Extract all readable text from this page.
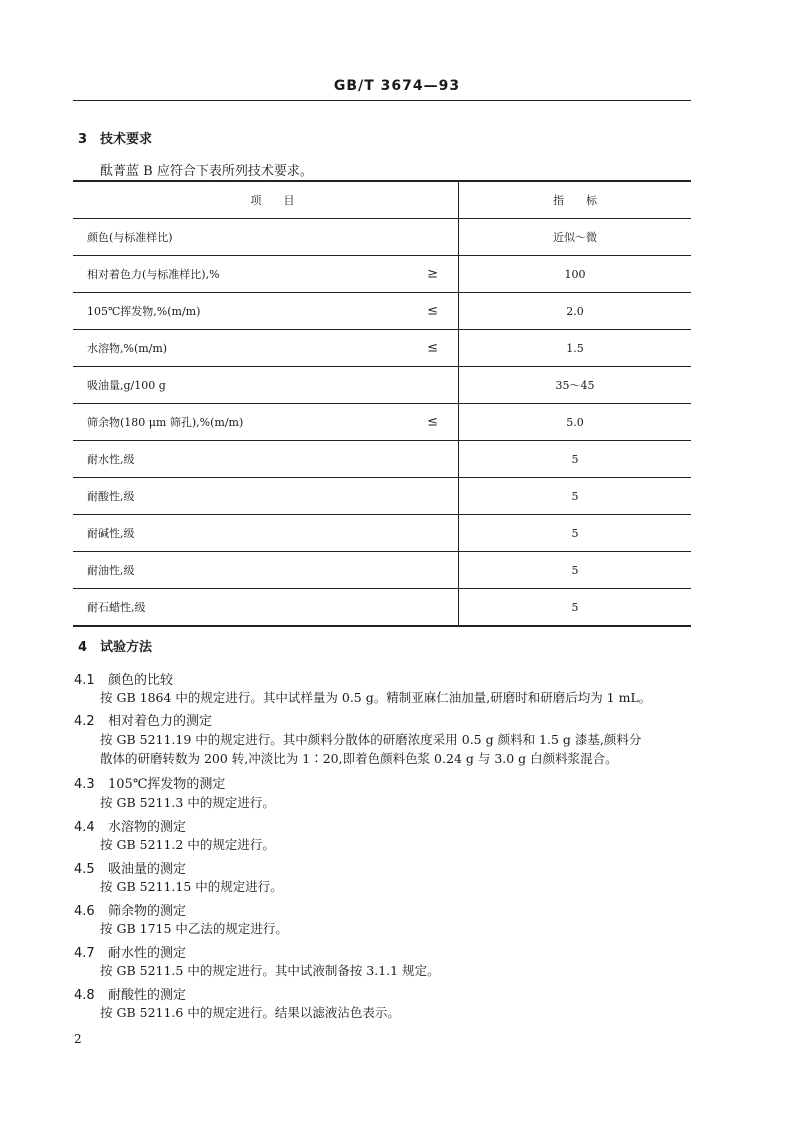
GB/T 3674—93
3 技术要求
酞菁蓝 B 应符合下表所列技术要求。
项　　目	指　　标
颜色(与标准样比)	近似～微
相对着色力(与标准样比),% ≥	100
105℃挥发物,%(m/m) ≤	2.0
水溶物,%(m/m) ≤	1.5
吸油量,g/100 g	35～45
筛余物(180 μm 筛孔),%(m/m) ≤	5.0
耐水性,级	5
耐酸性,级	5
耐碱性,级	5
耐油性,级	5
耐石蜡性,级	5
4 试验方法
4.1 颜色的比较
按 GB 1864 中的规定进行。其中试样量为 0.5 g。精制亚麻仁油加量,研磨时和研磨后均为 1 mL。
4.2 相对着色力的测定
按 GB 5211.19 中的规定进行。其中颜料分散体的研磨浓度采用 0.5 g 颜料和 1.5 g 漆基,颜料分
散体的研磨转数为 200 转,冲淡比为 1∶20,即着色颜料色浆 0.24 g 与 3.0 g 白颜料浆混合。
4.3 105℃挥发物的测定
按 GB 5211.3 中的规定进行。
4.4 水溶物的测定
按 GB 5211.2 中的规定进行。
4.5 吸油量的测定
按 GB 5211.15 中的规定进行。
4.6 筛余物的测定
按 GB 1715 中乙法的规定进行。
4.7 耐水性的测定
按 GB 5211.5 中的规定进行。其中试液制备按 3.1.1 规定。
4.8 耐酸性的测定
按 GB 5211.6 中的规定进行。结果以滤液沾色表示。
2
